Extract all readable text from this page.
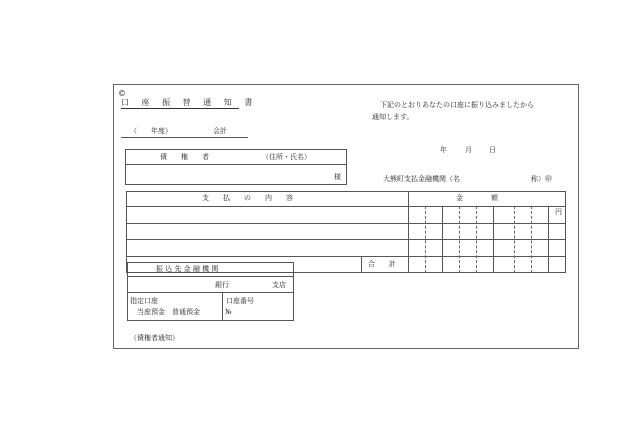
©
口 座 振 替 通 知 書	下記のとおりあなたの口座に振り込みましたから
通知します。
（　　年度）	会計
年	月 日
債　　権　　者	（住所・氏名）
様	大熊町支払金融機関（名	称）㊞
支　　払　　の　　内　　容	金　　　　額
円
合　　計
振 込 先 金 融 機 関
銀行	支店
指定口座
当座預金　普通預金
口座番号
№
（債権者通知）
